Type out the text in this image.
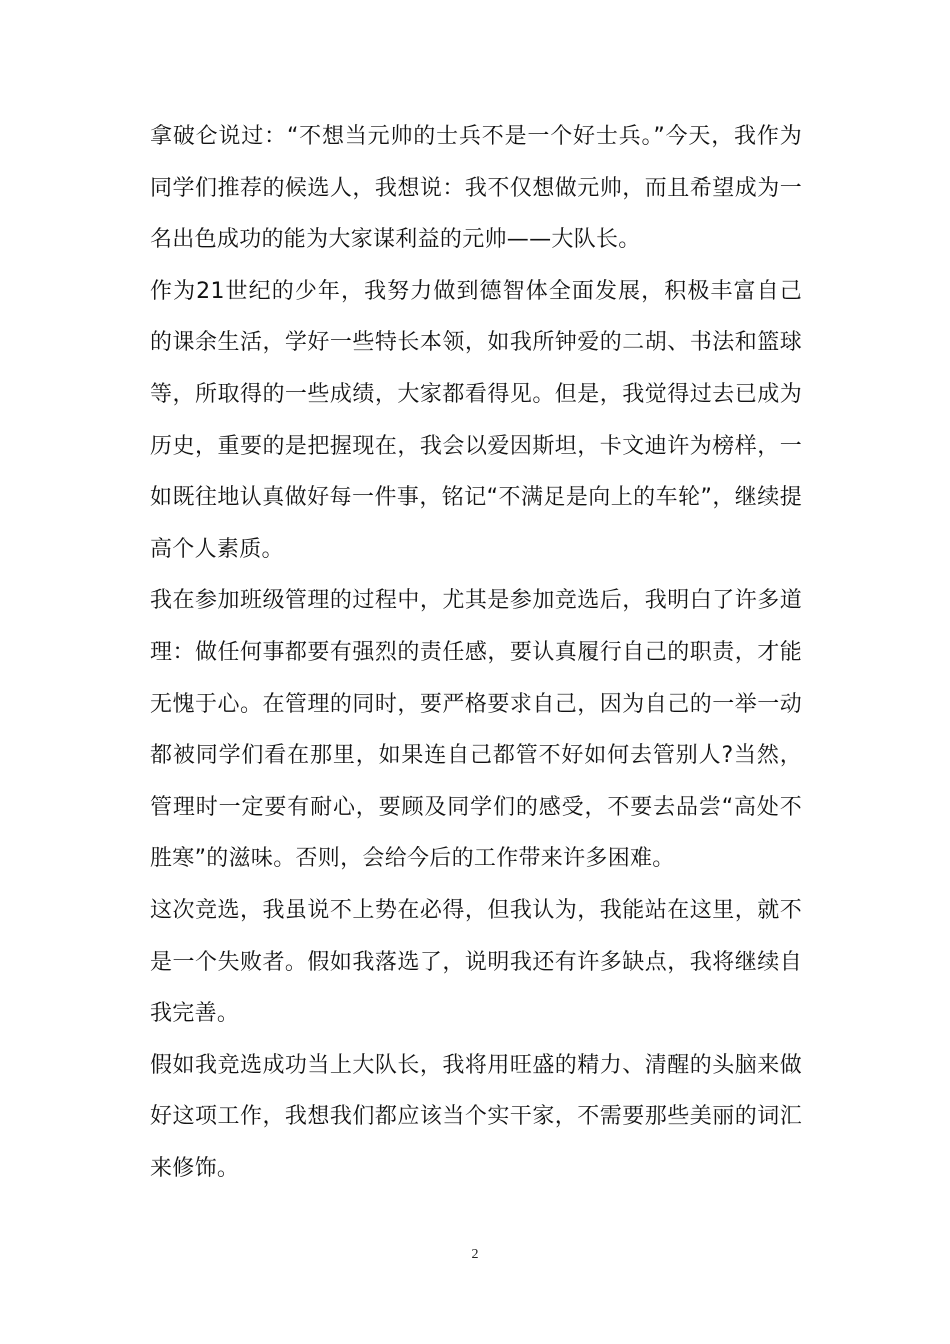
拿破仑说过：“不想当元帅的士兵不是一个好士兵。”今天，我作为同学们推荐的候选人，我想说：我不仅想做元帅，而且希望成为一名出色成功的能为大家谋利益的元帅——大队长。

作为21世纪的少年，我努力做到德智体全面发展，积极丰富自己的课余生活，学好一些特长本领，如我所钟爱的二胡、书法和篮球等，所取得的一些成绩，大家都看得见。但是，我觉得过去已成为历史，重要的是把握现在，我会以爱因斯坦，卡文迪许为榜样，一如既往地认真做好每一件事，铭记“不满足是向上的车轮”，继续提高个人素质。

我在参加班级管理的过程中，尤其是参加竞选后，我明白了许多道理：做任何事都要有强烈的责任感，要认真履行自己的职责，才能无愧于心。在管理的同时，要严格要求自己，因为自己的一举一动都被同学们看在那里，如果连自己都管不好如何去管别人?当然，管理时一定要有耐心，要顾及同学们的感受，不要去品尝“高处不胜寒”的滋味。否则，会给今后的工作带来许多困难。

这次竞选，我虽说不上势在必得，但我认为，我能站在这里，就不是一个失败者。假如我落选了，说明我还有许多缺点，我将继续自我完善。

假如我竞选成功当上大队长，我将用旺盛的精力、清醒的头脑来做好这项工作，我想我们都应该当个实干家，不需要那些美丽的词汇来修饰。

2
